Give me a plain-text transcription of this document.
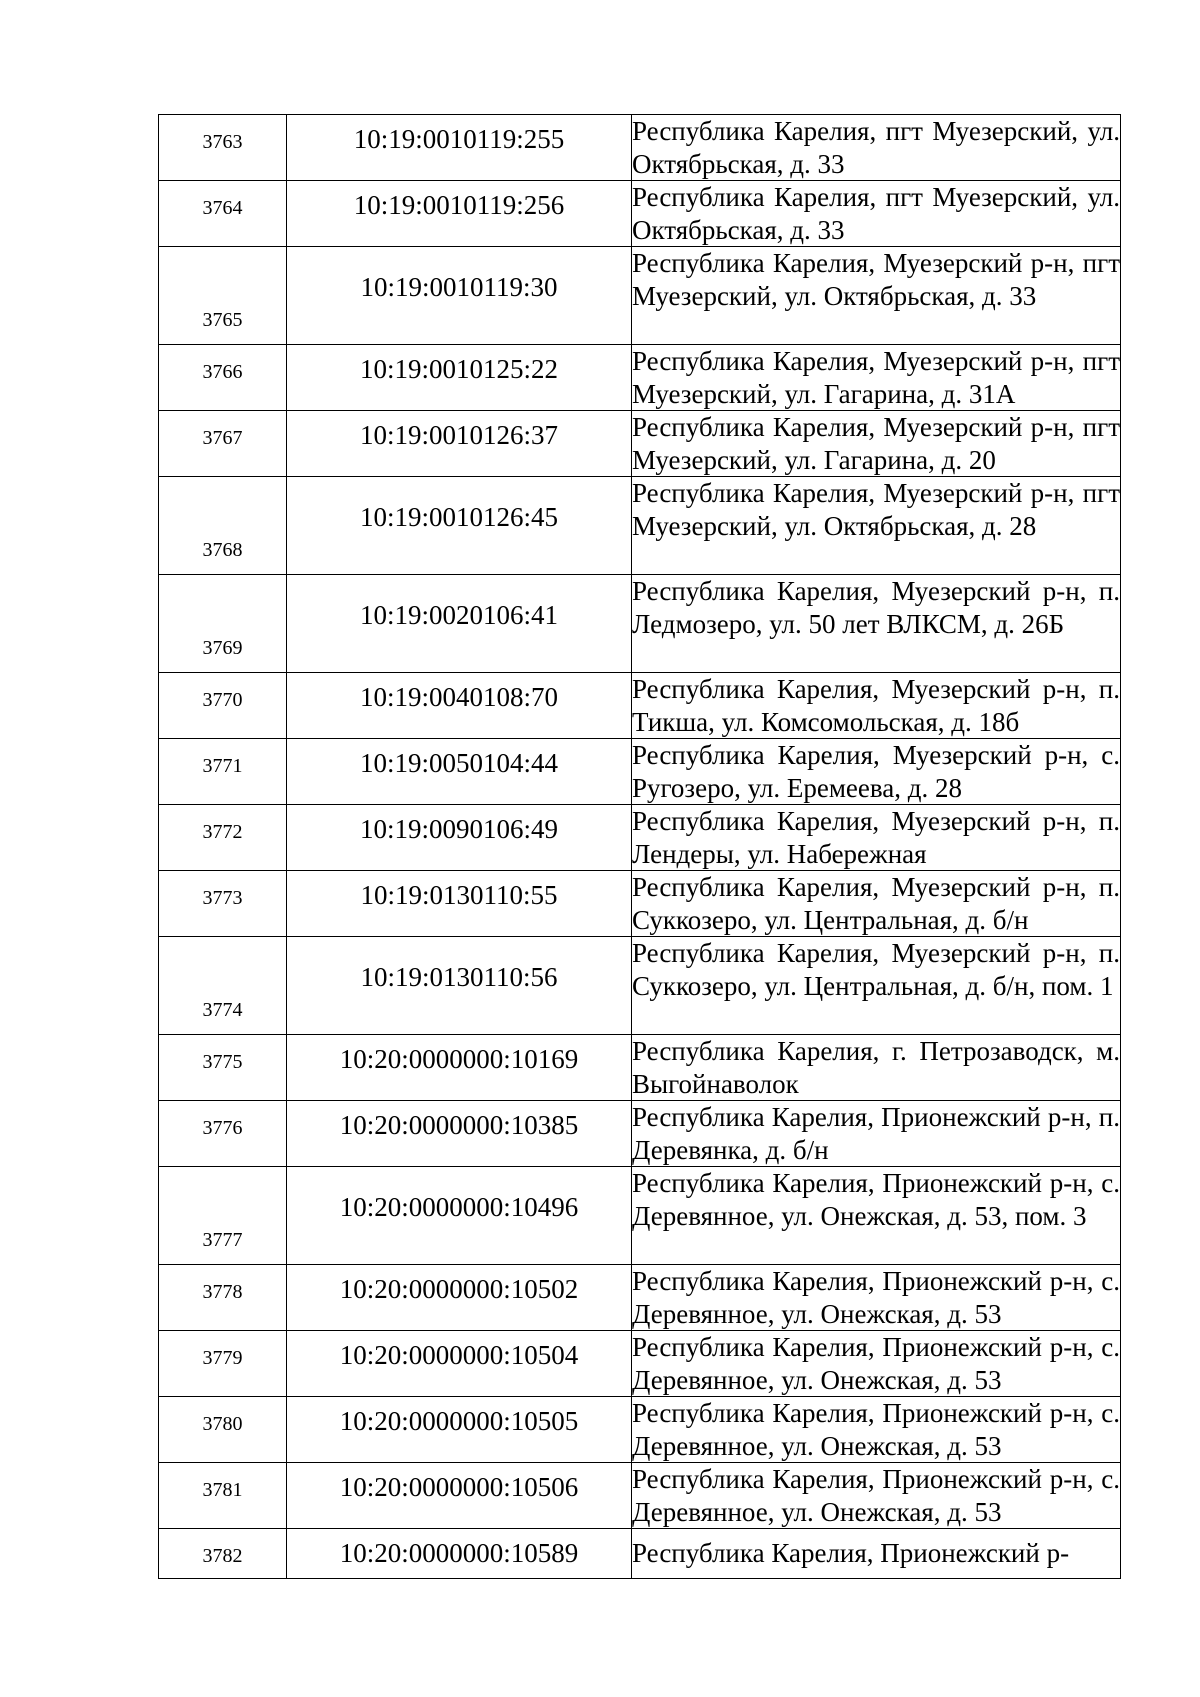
3763	10:19:0010119:255	Республика Карелия, пгт Муезерский, ул. Октябрьская, д. 33
3764	10:19:0010119:256	Республика Карелия, пгт Муезерский, ул. Октябрьская, д. 33
3765	10:19:0010119:30	Республика Карелия, Муезерский р-н, пгт Муезерский, ул. Октябрьская, д. 33
3766	10:19:0010125:22	Республика Карелия, Муезерский р-н, пгт Муезерский, ул. Гагарина, д. 31А
3767	10:19:0010126:37	Республика Карелия, Муезерский р-н, пгт Муезерский, ул. Гагарина, д. 20
3768	10:19:0010126:45	Республика Карелия, Муезерский р-н, пгт Муезерский, ул. Октябрьская, д. 28
3769	10:19:0020106:41	Республика Карелия, Муезерский р-н, п. Ледмозеро, ул. 50 лет ВЛКСМ, д. 26Б
3770	10:19:0040108:70	Республика Карелия, Муезерский р-н, п. Тикша, ул. Комсомольская, д. 18б
3771	10:19:0050104:44	Республика Карелия, Муезерский р-н, с. Ругозеро, ул. Еремеева, д. 28
3772	10:19:0090106:49	Республика Карелия, Муезерский р-н, п. Лендеры, ул. Набережная
3773	10:19:0130110:55	Республика Карелия, Муезерский р-н, п. Суккозеро, ул. Центральная, д. б/н
3774	10:19:0130110:56	Республика Карелия, Муезерский р-н, п. Суккозеро, ул. Центральная, д. б/н, пом. 1
3775	10:20:0000000:10169	Республика Карелия, г. Петрозаводск, м. Выгойнаволок
3776	10:20:0000000:10385	Республика Карелия, Прионежский р-н, п. Деревянка, д. б/н
3777	10:20:0000000:10496	Республика Карелия, Прионежский р-н, с. Деревянное, ул. Онежская, д. 53, пом. 3
3778	10:20:0000000:10502	Республика Карелия, Прионежский р-н, с. Деревянное, ул. Онежская, д. 53
3779	10:20:0000000:10504	Республика Карелия, Прионежский р-н, с. Деревянное, ул. Онежская, д. 53
3780	10:20:0000000:10505	Республика Карелия, Прионежский р-н, с. Деревянное, ул. Онежская, д. 53
3781	10:20:0000000:10506	Республика Карелия, Прионежский р-н, с. Деревянное, ул. Онежская, д. 53
3782	10:20:0000000:10589	Республика Карелия, Прионежский р-
